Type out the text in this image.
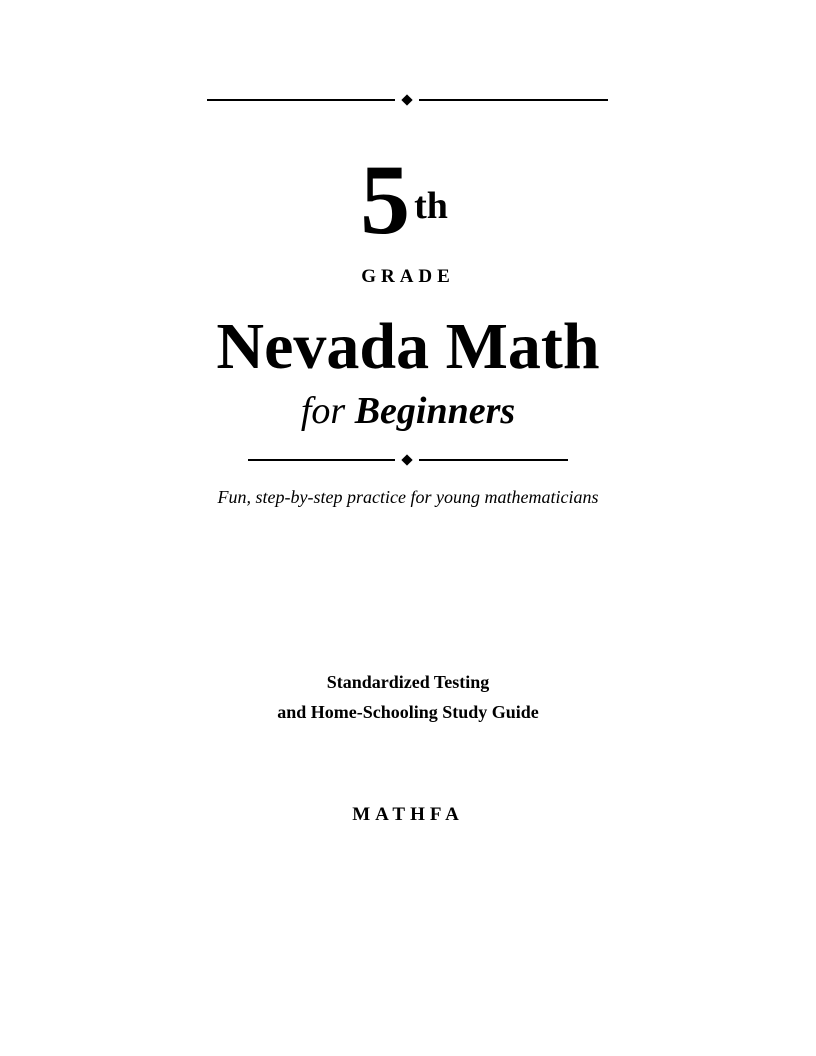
5 $^{th}$
GRADE
Nevada Math
for Beginners
Fun, step-by-step practice for young mathematicians
Standardized Testing
and Home-Schooling Study Guide
MATHFA
